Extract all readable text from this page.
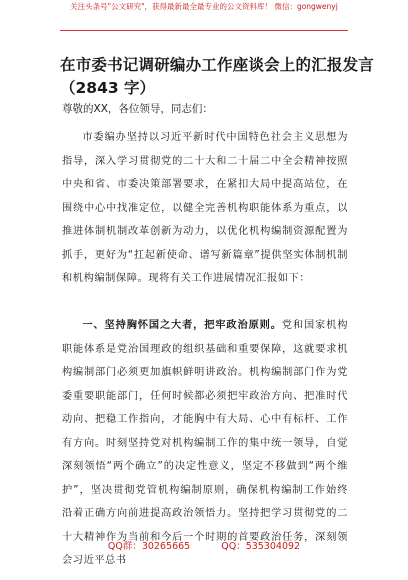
关注头条号"公文研究"，获得最新最全最专业的公文资料库！ 微信：gongwenyj
在市委书记调研编办工作座谈会上的汇报发言
（2843 字）
尊敬的XX，各位领导，同志们：

市委编办坚持以习近平新时代中国特色社会主义思想为指导，深入学习贯彻党的二十大和二十届二中全会精神按照中央和省、市委决策部署要求，在紧扣大局中提高站位，在围绕中心中找准定位，以健全完善机构职能体系为重点，以推进体制机制改革创新为动力，以优化机构编制资源配置为抓手，更好为“扛起新使命、谱写新篇章”提供坚实体制机制和机构编制保障。现将有关工作进展情况汇报如下：

一、坚持胸怀国之大者，把牢政治原则。党和国家机构职能体系是党治国理政的组织基础和重要保障，这就要求机构编制部门必须更加旗帜鲜明讲政治。机构编制部门作为党委重要职能部门，任何时候都必须把牢政治方向、把准时代动向、把稳工作指向，才能胸中有大局、心中有标杆、工作有方向。时刻坚持党对机构编制工作的集中统一领导，自觉深刻领悟“两个确立”的决定性意义，坚定不移做到“两个维护”，坚决贯彻党管机构编制原则，确保机构编制工作始终沿着正确方向前进提高政治领悟力。坚持把学习贯彻党的二十大精神作为当前和今后一个时期的首要政治任务，深刻领会习近平总书

QQ群：30265665	QQ：535304092
